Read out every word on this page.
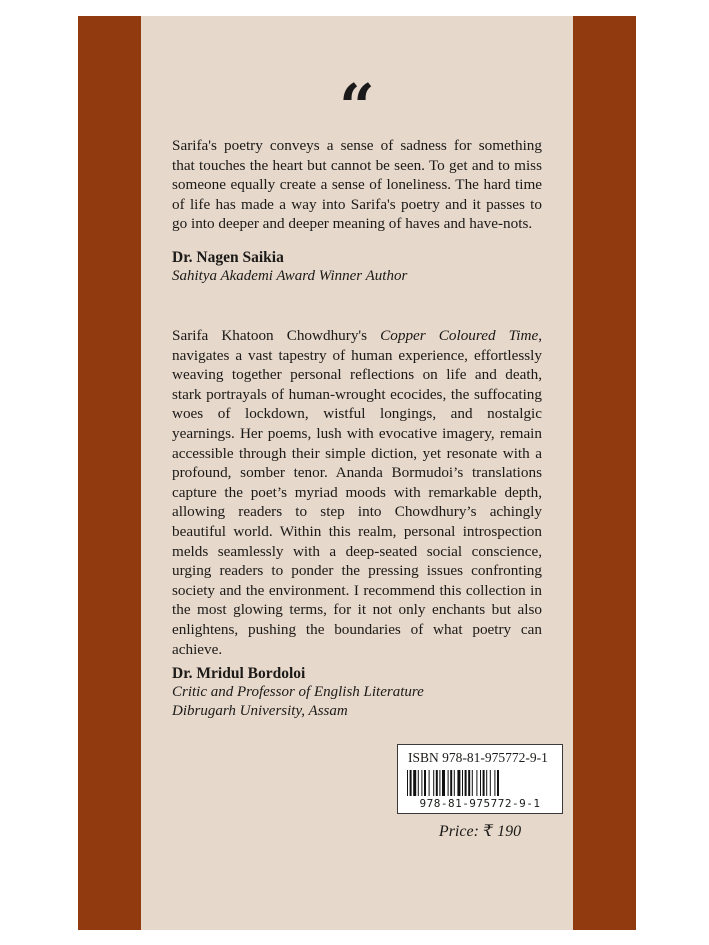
“

Sarifa's poetry conveys a sense of sadness for something that touches the heart but cannot be seen. To get and to miss someone equally create a sense of loneliness. The hard time of life has made a way into Sarifa's poetry and it passes to go into deeper and deeper meaning of haves and have-nots.

Dr. Nagen Saikia
Sahitya Akademi Award Winner Author

Sarifa Khatoon Chowdhury's Copper Coloured Time, navigates a vast tapestry of human experience, effortlessly weaving together personal reflections on life and death, stark portrayals of human-wrought ecocides, the suffocating woes of lockdown, wistful longings, and nostalgic yearnings. Her poems, lush with evocative imagery, remain accessible through their simple diction, yet resonate with a profound, somber tenor. Ananda Bormudoi’s translations capture the poet’s myriad moods with remarkable depth, allowing readers to step into Chowdhury’s achingly beautiful world. Within this realm, personal introspection melds seamlessly with a deep-seated social conscience, urging readers to ponder the pressing issues confronting society and the environment. I recommend this collection in the most glowing terms, for it not only enchants but also enlightens, pushing the boundaries of what poetry can achieve.

Dr. Mridul Bordoloi
Critic and Professor of English Literature
Dibrugarh University, Assam
ISBN 978-81-975772-9-1
978-81-975772-9-1
Price: ₹ 190
